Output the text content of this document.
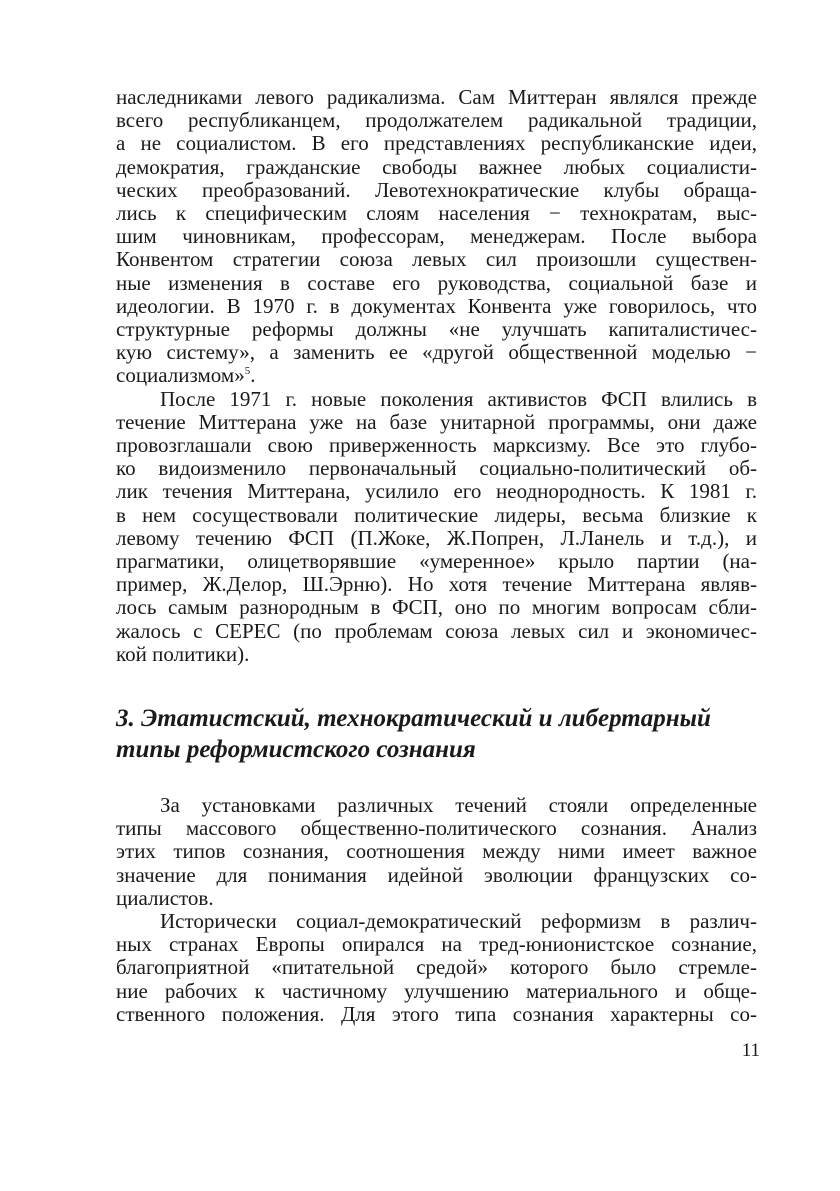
наследниками левого радикализма. Сам Миттеран являлся прежде
всего республиканцем, продолжателем радикальной традиции,
а не социалистом. В его представлениях республиканские идеи,
демократия, гражданские свободы важнее любых социалисти-
ческих преобразований. Левотехнократические клубы обраща-
лись к специфическим слоям населения − технократам, выс-
шим чиновникам, профессорам, менеджерам. После выбора
Конвентом стратегии союза левых сил произошли существен-
ные изменения в составе его руководства, социальной базе и
идеологии. В 1970 г. в документах Конвента уже говорилось, что
структурные реформы должны «не улучшать капиталистичес-
кую систему», а заменить ее «другой общественной моделью −
социализмом»$^5$.

После 1971 г. новые поколения активистов ФСП влились в
течение Миттерана уже на базе унитарной программы, они даже
провозглашали свою приверженность марксизму. Все это глубо-
ко видоизменило первоначальный социально-политический об-
лик течения Миттерана, усилило его неоднородность. К 1981 г.
в нем сосуществовали политические лидеры, весьма близкие к
левому течению ФСП (П.Жоке, Ж.Попрен, Л.Ланель и т.д.), и
прагматики, олицетворявшие «умеренное» крыло партии (на-
пример, Ж.Делор, Ш.Эрню). Но хотя течение Миттерана являв-
лось самым разнородным в ФСП, оно по многим вопросам сбли-
жалось с СЕРЕС (по проблемам союза левых сил и экономичес-
кой политики).

3. Этатистский, технократический и либертарный
типы реформистского сознания

За установками различных течений стояли определенные
типы массового общественно-политического сознания. Анализ
этих типов сознания, соотношения между ними имеет важное
значение для понимания идейной эволюции французских со-
циалистов.

Исторически социал-демократический реформизм в различ-
ных странах Европы опирался на тред-юнионистское сознание,
благоприятной «питательной средой» которого было стремле-
ние рабочих к частичному улучшению материального и обще-
ственного положения. Для этого типа сознания характерны со-

11
